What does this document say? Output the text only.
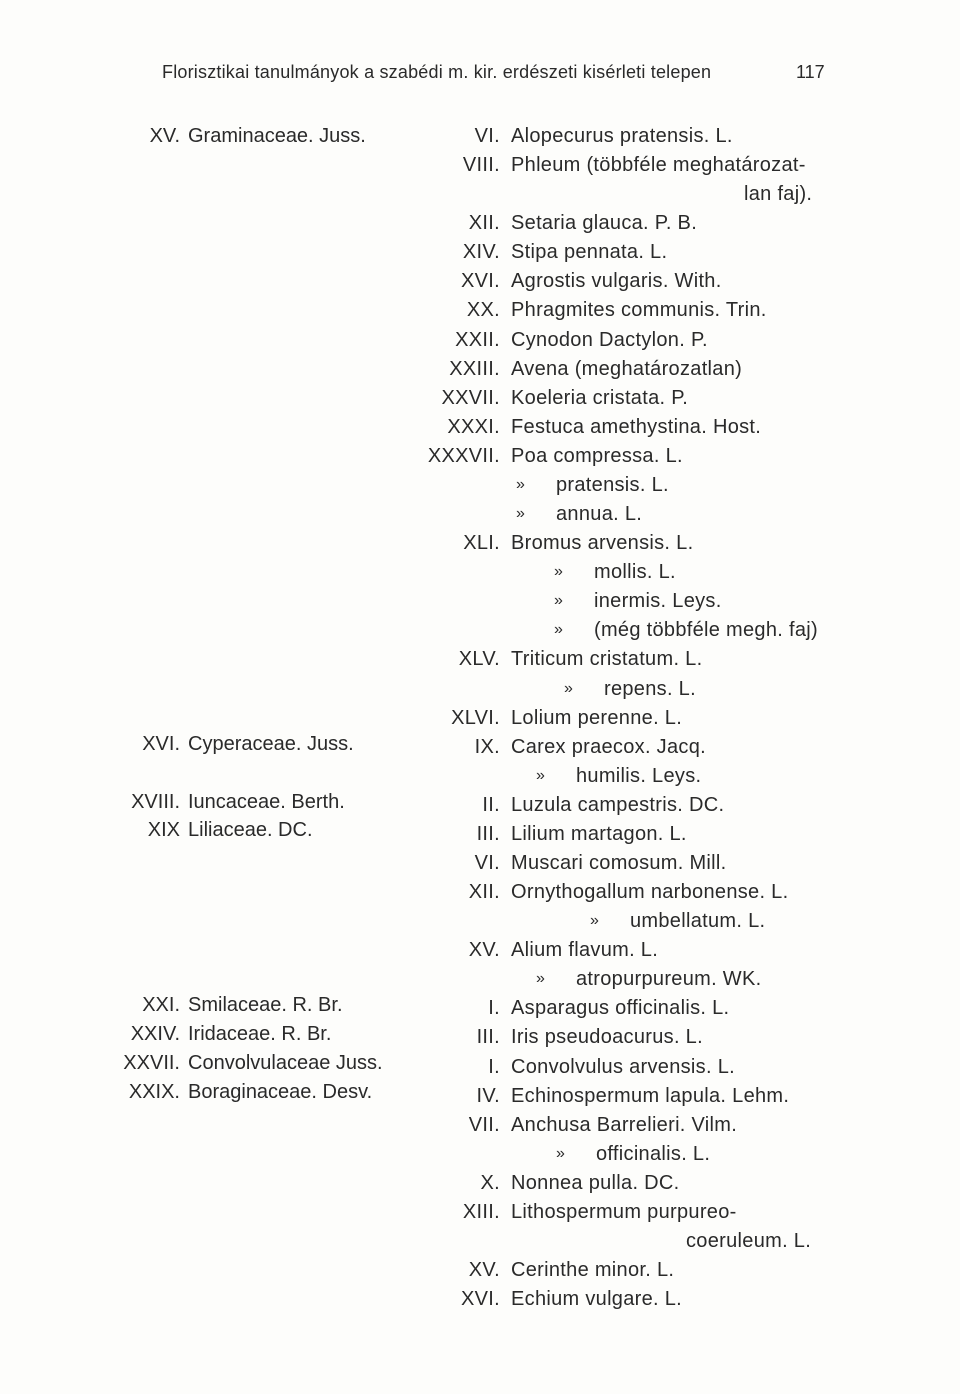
Florisztikai tanulmányok a szabédi m. kir. erdészeti kisérleti telepen	117
XV. Graminaceae. Juss.
XVI. Cyperaceae. Juss.
XVIII. Iuncaceae. Berth.
XIX Liliaceae. DC.
XXI. Smilaceae. R. Br.
XXIV. Iridaceae. R. Br.
XXVII. Convolvulaceae Juss.
XXIX. Boraginaceae. Desv.
VI. Alopecurus pratensis. L.
VIII. Phleum (többféle meghatározat-
lan faj).
XII. Setaria glauca. P. B.
XIV. Stipa pennata. L.
XVI. Agrostis vulgaris. With.
XX. Phragmites communis. Trin.
XXII. Cynodon Dactylon. P.
XXIII. Avena (meghatározatlan)
XXVII. Koeleria cristata. P.
XXXI. Festuca amethystina. Host.
XXXVII. Poa compressa. L.
» pratensis. L.
» annua. L.
XLI. Bromus arvensis. L.
» mollis. L.
» inermis. Leys.
» (még többféle megh. faj)
XLV. Triticum cristatum. L.
» repens. L.
XLVI. Lolium perenne. L.
IX. Carex praecox. Jacq.
» humilis. Leys.
II. Luzula campestris. DC.
III. Lilium martagon. L.
VI. Muscari comosum. Mill.
XII. Ornythogallum narbonense. L.
» umbellatum. L.
XV. Alium flavum. L.
» atropurpureum. WK.
I. Asparagus officinalis. L.
III. Iris pseudoacurus. L.
I. Convolvulus arvensis. L.
IV. Echinospermum lapula. Lehm.
VII. Anchusa Barrelieri. Vilm.
» officinalis. L.
X. Nonnea pulla. DC.
XIII. Lithospermum purpureo-
coeruleum. L.
XV. Cerinthe minor. L.
XVI. Echium vulgare. L.
